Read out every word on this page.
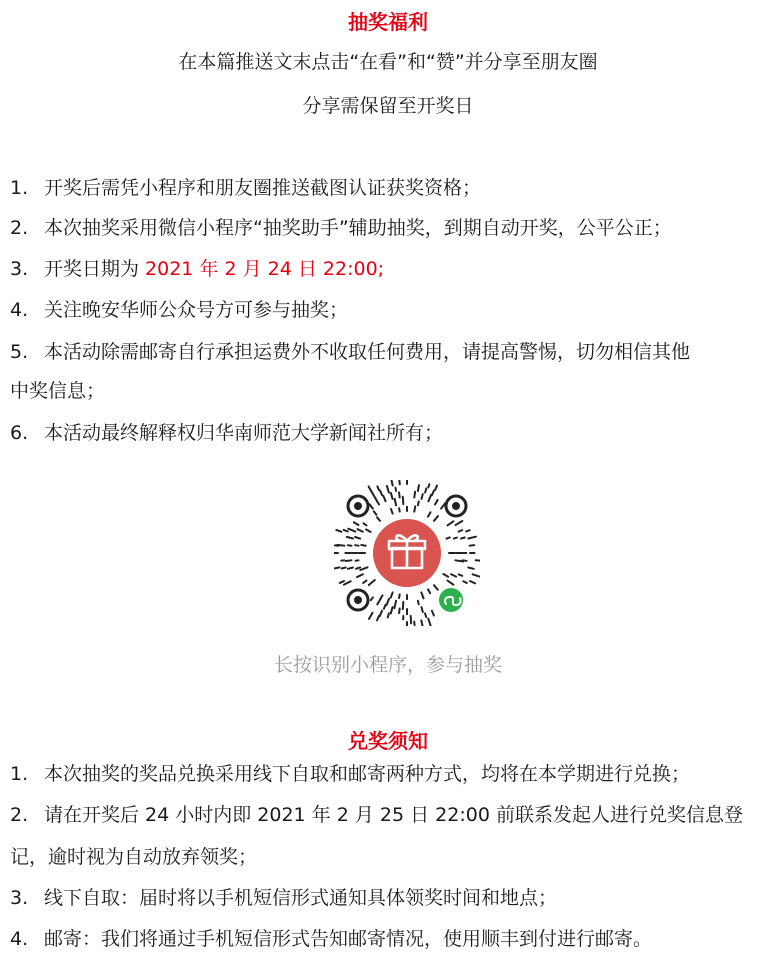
抽奖福利
在本篇推送文末点击“在看”和“赞”并分享至朋友圈
分享需保留至开奖日
1. 开奖后需凭小程序和朋友圈推送截图认证获奖资格；
2. 本次抽奖采用微信小程序“抽奖助手”辅助抽奖，到期自动开奖，公平公正；
3. 开奖日期为 2021 年 2 月 24 日 22:00;
4. 关注晚安华师公众号方可参与抽奖；
5. 本活动除需邮寄自行承担运费外不收取任何费用，请提高警惕，切勿相信其他
中奖信息；
6. 本活动最终解释权归华南师范大学新闻社所有；
长按识别小程序，参与抽奖
兑奖须知
1. 本次抽奖的奖品兑换采用线下自取和邮寄两种方式，均将在本学期进行兑换；
2. 请在开奖后 24 小时内即 2021 年 2 月 25 日 22:00 前联系发起人进行兑奖信息登
记，逾时视为自动放弃领奖；
3. 线下自取：届时将以手机短信形式通知具体领奖时间和地点；
4. 邮寄：我们将通过手机短信形式告知邮寄情况，使用顺丰到付进行邮寄。
